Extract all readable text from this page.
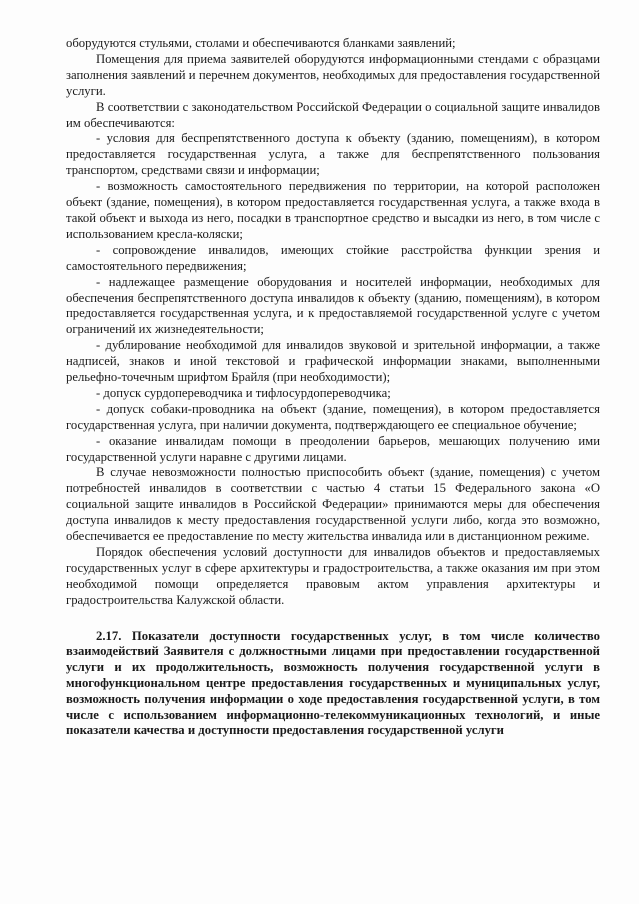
оборудуются стульями, столами и обеспечиваются бланками заявлений;

Помещения для приема заявителей оборудуются информационными стендами с образцами заполнения заявлений и перечнем документов, необходимых для предоставления государственной услуги.

В соответствии с законодательством Российской Федерации о социальной защите инвалидов им обеспечиваются:

- условия для беспрепятственного доступа к объекту (зданию, помещениям), в котором предоставляется государственная услуга, а также для беспрепятственного пользования транспортом, средствами связи и информации;

- возможность самостоятельного передвижения по территории, на которой расположен объект (здание, помещения), в котором предоставляется государственная услуга, а также входа в такой объект и выхода из него, посадки в транспортное средство и высадки из него, в том числе с использованием кресла-коляски;

- сопровождение инвалидов, имеющих стойкие расстройства функции зрения и самостоятельного передвижения;

- надлежащее размещение оборудования и носителей информации, необходимых для обеспечения беспрепятственного доступа инвалидов к объекту (зданию, помещениям), в котором предоставляется государственная услуга, и к предоставляемой государственной услуге с учетом ограничений их жизнедеятельности;

- дублирование необходимой для инвалидов звуковой и зрительной информации, а также надписей, знаков и иной текстовой и графической информации знаками, выполненными рельефно-точечным шрифтом Брайля (при необходимости);

- допуск сурдопереводчика и тифлосурдопереводчика;

- допуск собаки-проводника на объект (здание, помещения), в котором предоставляется государственная услуга, при наличии документа, подтверждающего ее специальное обучение;

- оказание инвалидам помощи в преодолении барьеров, мешающих получению ими государственной услуги наравне с другими лицами.

В случае невозможности полностью приспособить объект (здание, помещения) с учетом потребностей инвалидов в соответствии с частью 4 статьи 15 Федерального закона «О социальной защите инвалидов в Российской Федерации» принимаются меры для обеспечения доступа инвалидов к месту предоставления государственной услуги либо, когда это возможно, обеспечивается ее предоставление по месту жительства инвалида или в дистанционном режиме.

Порядок обеспечения условий доступности для инвалидов объектов и предоставляемых государственных услуг в сфере архитектуры и градостроительства, а также оказания им при этом необходимой помощи определяется правовым актом управления архитектуры и градостроительства Калужской области.

2.17. Показатели доступности государственных услуг, в том числе количество взаимодействий Заявителя с должностными лицами при предоставлении государственной услуги и их продолжительность, возможность получения государственной услуги в многофункциональном центре предоставления государственных и муниципальных услуг, возможность получения информации о ходе предоставления государственной услуги, в том числе с использованием информационно-телекоммуникационных технологий, и иные показатели качества и доступности предоставления государственной услуги
